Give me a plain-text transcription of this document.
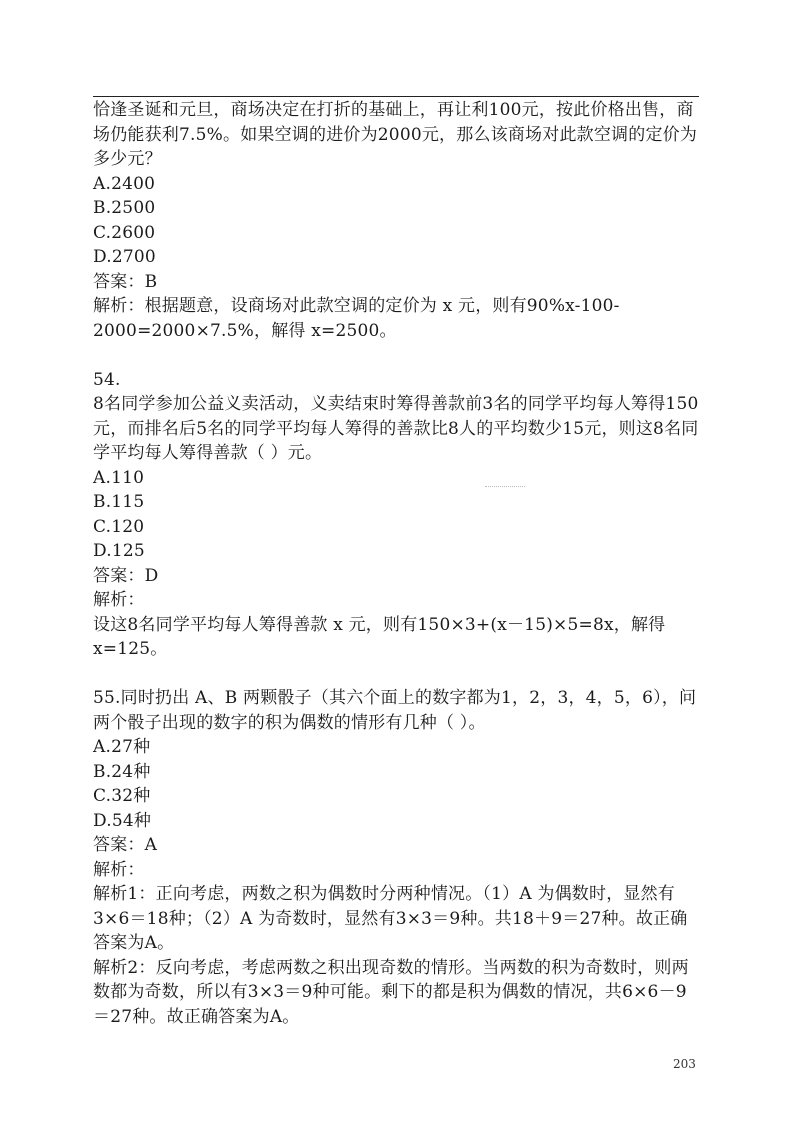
恰逢圣诞和元旦，商场决定在打折的基础上，再让利100元，按此价格出售，商场仍能获利7.5%。如果空调的进价为2000元，那么该商场对此款空调的定价为多少元？

A.2400

B.2500

C.2600

D.2700

答案：B

解析：根据题意，设商场对此款空调的定价为 x 元，则有90%x-100-2000=2000×7.5%，解得 x=2500。

54.

8名同学参加公益义卖活动，义卖结束时筹得善款前3名的同学平均每人筹得150元，而排名后5名的同学平均每人筹得的善款比8人的平均数少15元，则这8名同学平均每人筹得善款（ ）元。

A.110

B.115

C.120

D.125

答案：D

解析：

设这8名同学平均每人筹得善款 x 元，则有150×3+(x－15)×5=8x，解得x=125。

55.同时扔出 A、B 两颗骰子（其六个面上的数字都为1，2，3，4，5，6），问两个骰子出现的数字的积为偶数的情形有几种（ ）。

A.27种

B.24种

C.32种

D.54种

答案：A

解析：

解析1：正向考虑，两数之积为偶数时分两种情况。（1）A 为偶数时，显然有3×6＝18种；（2）A 为奇数时，显然有3×3＝9种。共18＋9＝27种。故正确答案为A。

解析2：反向考虑，考虑两数之积出现奇数的情形。当两数的积为奇数时，则两数都为奇数，所以有3×3＝9种可能。剩下的都是积为偶数的情况，共6×6－9＝27种。故正确答案为A。

203
